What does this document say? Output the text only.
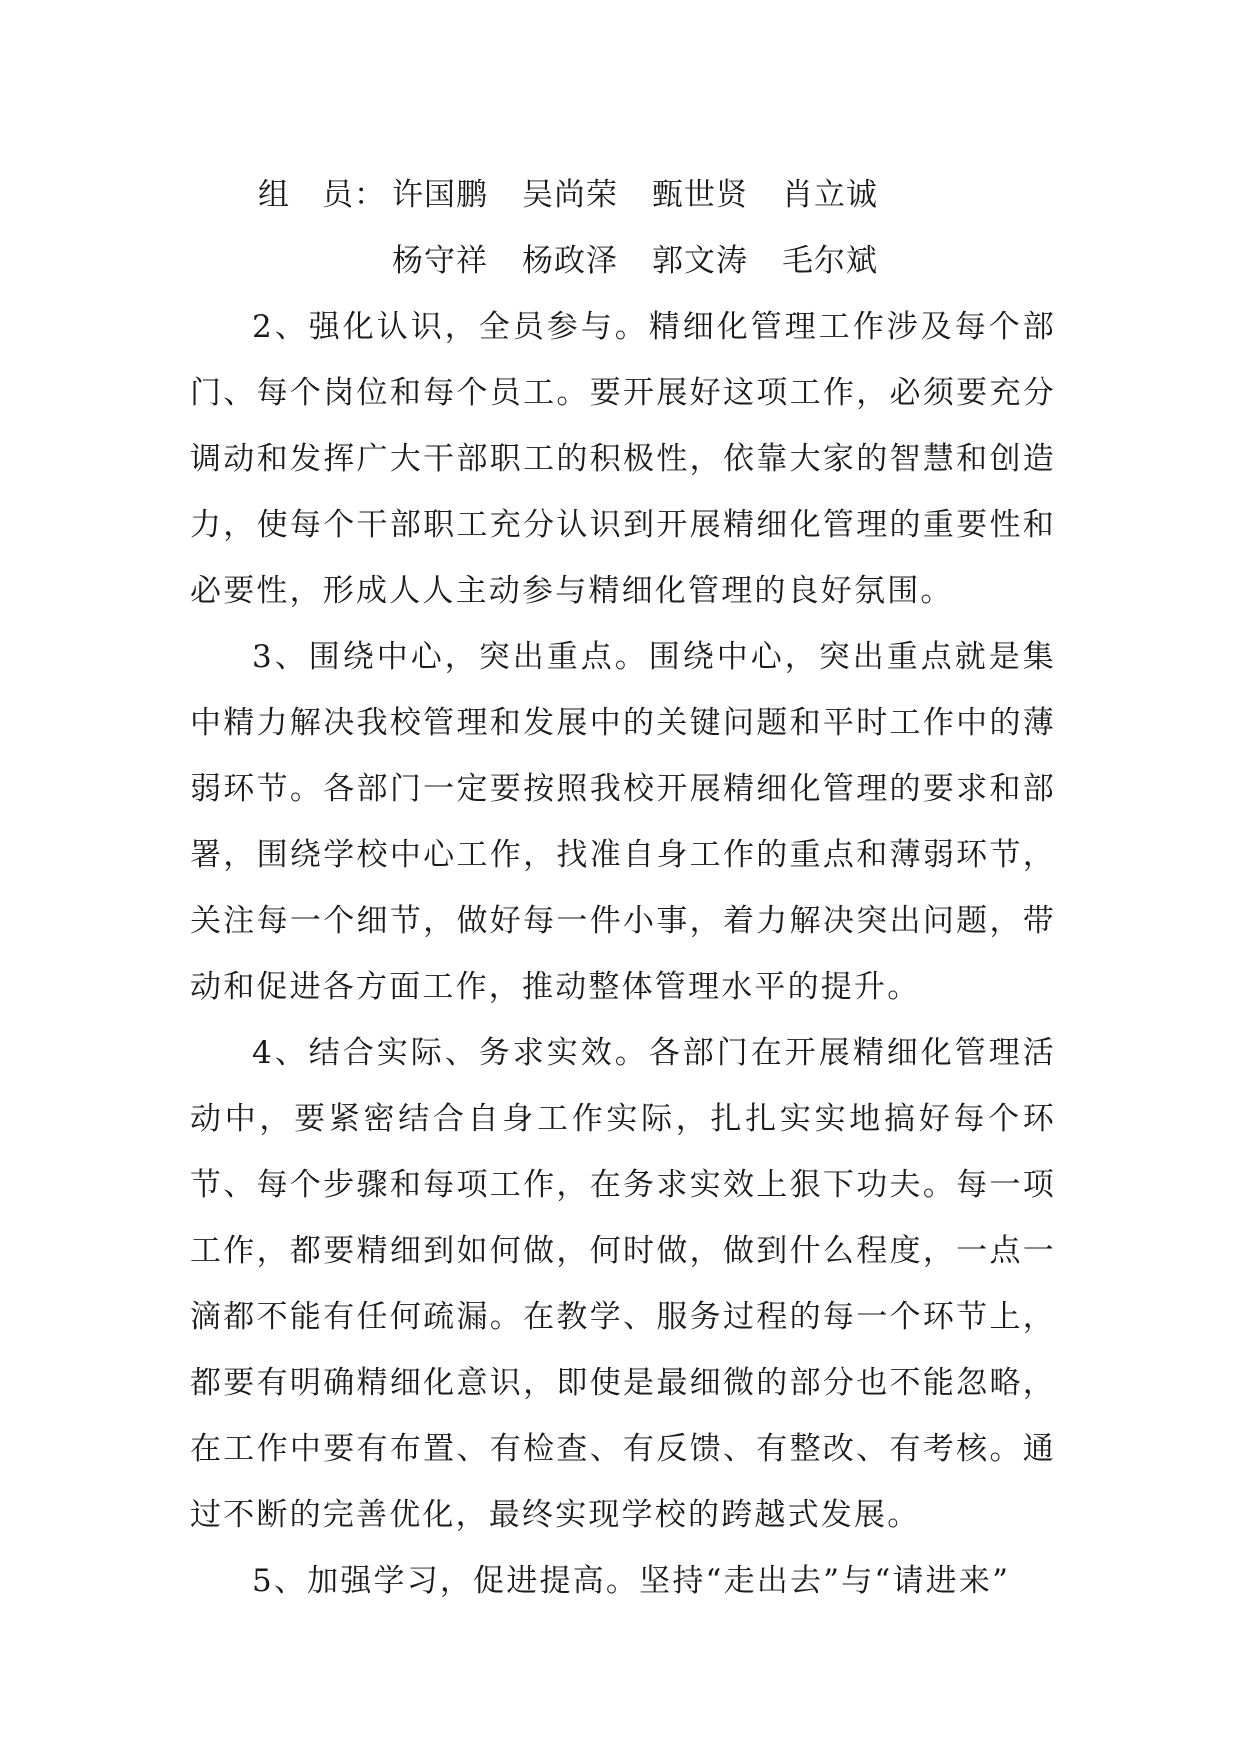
组 员： 许国鹏 吴尚荣 甄世贤 肖立诚
杨守祥 杨政泽 郭文涛 毛尔斌

2、强化认识，全员参与。精细化管理工作涉及每个部门、每个岗位和每个员工。要开展好这项工作，必须要充分调动和发挥广大干部职工的积极性，依靠大家的智慧和创造力，使每个干部职工充分认识到开展精细化管理的重要性和必要性，形成人人主动参与精细化管理的良好氛围。

3、围绕中心，突出重点。围绕中心，突出重点就是集中精力解决我校管理和发展中的关键问题和平时工作中的薄弱环节。各部门一定要按照我校开展精细化管理的要求和部署，围绕学校中心工作，找准自身工作的重点和薄弱环节，关注每一个细节，做好每一件小事，着力解决突出问题，带动和促进各方面工作，推动整体管理水平的提升。

4、结合实际、务求实效。各部门在开展精细化管理活动中，要紧密结合自身工作实际，扎扎实实地搞好每个环节、每个步骤和每项工作，在务求实效上狠下功夫。每一项工作，都要精细到如何做，何时做，做到什么程度，一点一滴都不能有任何疏漏。在教学、服务过程的每一个环节上，都要有明确精细化意识，即使是最细微的部分也不能忽略，在工作中要有布置、有检查、有反馈、有整改、有考核。通过不断的完善优化，最终实现学校的跨越式发展。

5、加强学习，促进提高。坚持“走出去”与“请进来”
